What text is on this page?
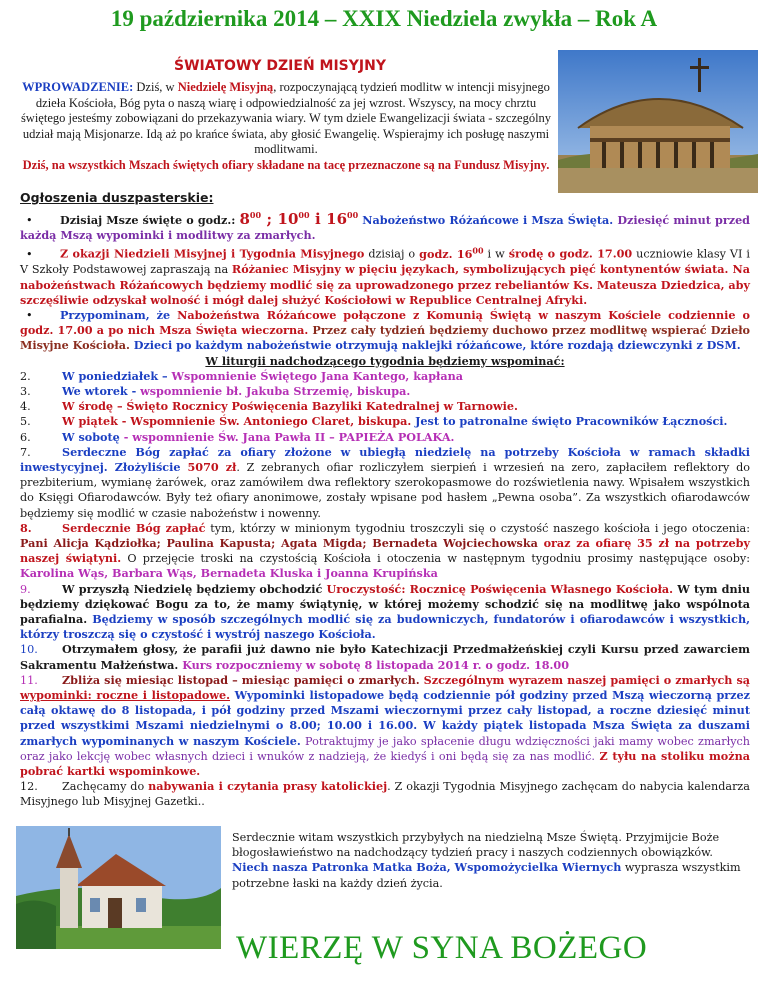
19 października 2014 – XXIX Niedziela zwykła – Rok A
ŚWIATOWY DZIEŃ MISYJNY
WPROWADZENIE: Dziś, w Niedzielę Misyjną, rozpoczynającą tydzień modlitw w intencji misyjnego dzieła Kościoła, Bóg pyta o naszą wiarę i odpowiedzialność za jej wzrost. Wszyscy, na mocy chrztu świętego jesteśmy zobowiązani do przekazywania wiary. W tym dziele Ewangelizacji świata - szczególny udział mają Misjonarze. Idą aż po krańce świata, aby głosić Ewangelię. Wspierajmy ich posługę naszymi modlitwami.
Dziś, na wszystkich Mszach świętych ofiary składane na tacę przeznaczone są na Fundusz Misyjny.
Ogłoszenia duszpasterskie:

• Dzisiaj Msze święte o godz.: $8^{00}$ ; $10^{00}$ i $16^{00}$ Nabożeństwo Różańcowe i Msza Święta. Dziesięć minut przed każdą Mszą wypominki i modlitwy za zmarłych.

• Z okazji Niedzieli Misyjnej i Tygodnia Misyjnego dzisiaj o godz. $16^{00}$ i w środę o godz. 17.00 uczniowie klasy VI i V Szkoły Podstawowej zapraszają na Różaniec Misyjny w pięciu językach, symbolizujących pięć kontynentów świata. Na nabożeństwach Różańcowych będziemy modlić się za uprowadzonego przez rebeliantów Ks. Mateusza Dziedzica, aby szczęśliwie odzyskał wolność i mógł dalej służyć Kościołowi w Republice Centralnej Afryki.

• Przypominam, że Nabożeństwa Różańcowe połączone z Komunią Świętą w naszym Kościele codziennie o godz. 17.00 a po nich Msza Święta wieczorna. Przez cały tydzień będziemy duchowo przez modlitwę wspierać Dzieło Misyjne Kościoła. Dzieci po każdym nabożeństwie otrzymują naklejki różańcowe, które rozdają dziewczynki z DSM.

W liturgii nadchodzącego tygodnia będziemy wspominać:

2.	W poniedziałek – Wspomnienie Świętego Jana Kantego, kapłana

3.	We wtorek - wspomnienie bł. Jakuba Strzemię, biskupa.

4.	W środę – Święto Rocznicy Poświęcenia Bazyliki Katedralnej w Tarnowie.

5.	W piątek - Wspomnienie Św. Antoniego Claret, biskupa. Jest to patronalne święto Pracowników Łączności.

6.	W sobotę - wspomnienie Św. Jana Pawła II – PAPIEŻA POLAKA.

7.	Serdeczne Bóg zapłać za ofiary złożone w ubiegłą niedzielę na potrzeby Kościoła w ramach składki inwestycyjnej. Złożyliście 5070 zł. Z zebranych ofiar rozliczyłem sierpień i wrzesień na zero, zapłaciłem reflektory do prezbiterium, wymianę żarówek, oraz zamówiłem dwa reflektory szerokopasmowe do rozświetlenia nawy. Wpisałem wszystkich do Księgi Ofiarodawców. Były też ofiary anonimowe, zostały wpisane pod hasłem „Pewna osoba”. Za wszystkich ofiarodawców będziemy się modlić w czasie nabożeństw i nowenny.

8.	Serdecznie Bóg zapłać tym, którzy w minionym tygodniu troszczyli się o czystość naszego kościoła i jego otoczenia: Pani Alicja Kądziołka; Paulina Kapusta; Agata Migda; Bernadeta Wojciechowska oraz za ofiarę 35 zł na potrzeby naszej świątyni. O przejęcie troski na czystością Kościoła i otoczenia w następnym tygodniu prosimy następujące osoby: Karolina Wąs, Barbara Wąs, Bernadeta Kluska i Joanna Krupińska

9.	W przyszłą Niedzielę będziemy obchodzić Uroczystość: Rocznicę Poświęcenia Własnego Kościoła. W tym dniu będziemy dziękować Bogu za to, że mamy świątynię, w której możemy schodzić się na modlitwę jako wspólnota parafialna. Będziemy w sposób szczególnych modlić się za budowniczych, fundatorów i ofiarodawców i wszystkich, którzy troszczą się o czystość i wystrój naszego Kościoła.

10. Otrzymałem głosy, że parafii już dawno nie było Katechizacji Przedmałżeńskiej czyli Kursu przed zawarciem Sakramentu Małżeństwa. Kurs rozpoczniemy w sobotę 8 listopada 2014 r. o godz. 18.00

11. Zbliża się miesiąc listopad – miesiąc pamięci o zmarłych. Szczególnym wyrazem naszej pamięci o zmarłych są wypominki: roczne i listopadowe. Wypominki listopadowe będą codziennie pół godziny przed Mszą wieczorną przez całą oktawę do 8 listopada, i pół godziny przed Mszami wieczornymi przez cały listopad, a roczne dziesięć minut przed wszystkimi Mszami niedzielnymi o 8.00; 10.00 i 16.00. W każdy piątek listopada Msza Święta za duszami zmarłych wypominanych w naszym Kościele. Potraktujmy je jako spłacenie długu wdzięczności jaki mamy wobec zmarłych oraz jako lekcję wobec własnych dzieci i wnuków z nadzieją, że kiedyś i oni będą się za nas modlić. Z tyłu na stoliku można pobrać kartki wspominkowe.

12. Zachęcamy do nabywania i czytania prasy katolickiej. Z okazji Tygodnia Misyjnego zachęcam do nabycia kalendarza Misyjnego lub Misyjnej Gazetki..

Serdecznie witam wszystkich przybyłych na niedzielną Msze Świętą. Przyjmijcie Boże błogosławieństwo na nadchodzący tydzień pracy i naszych codziennych obowiązków. Niech nasza Patronka Matka Boża, Wspomożycielka Wiernych wyprasza wszystkim potrzebne łaski na każdy dzień życia.
WIERZĘ W SYNA BOŻEGO
